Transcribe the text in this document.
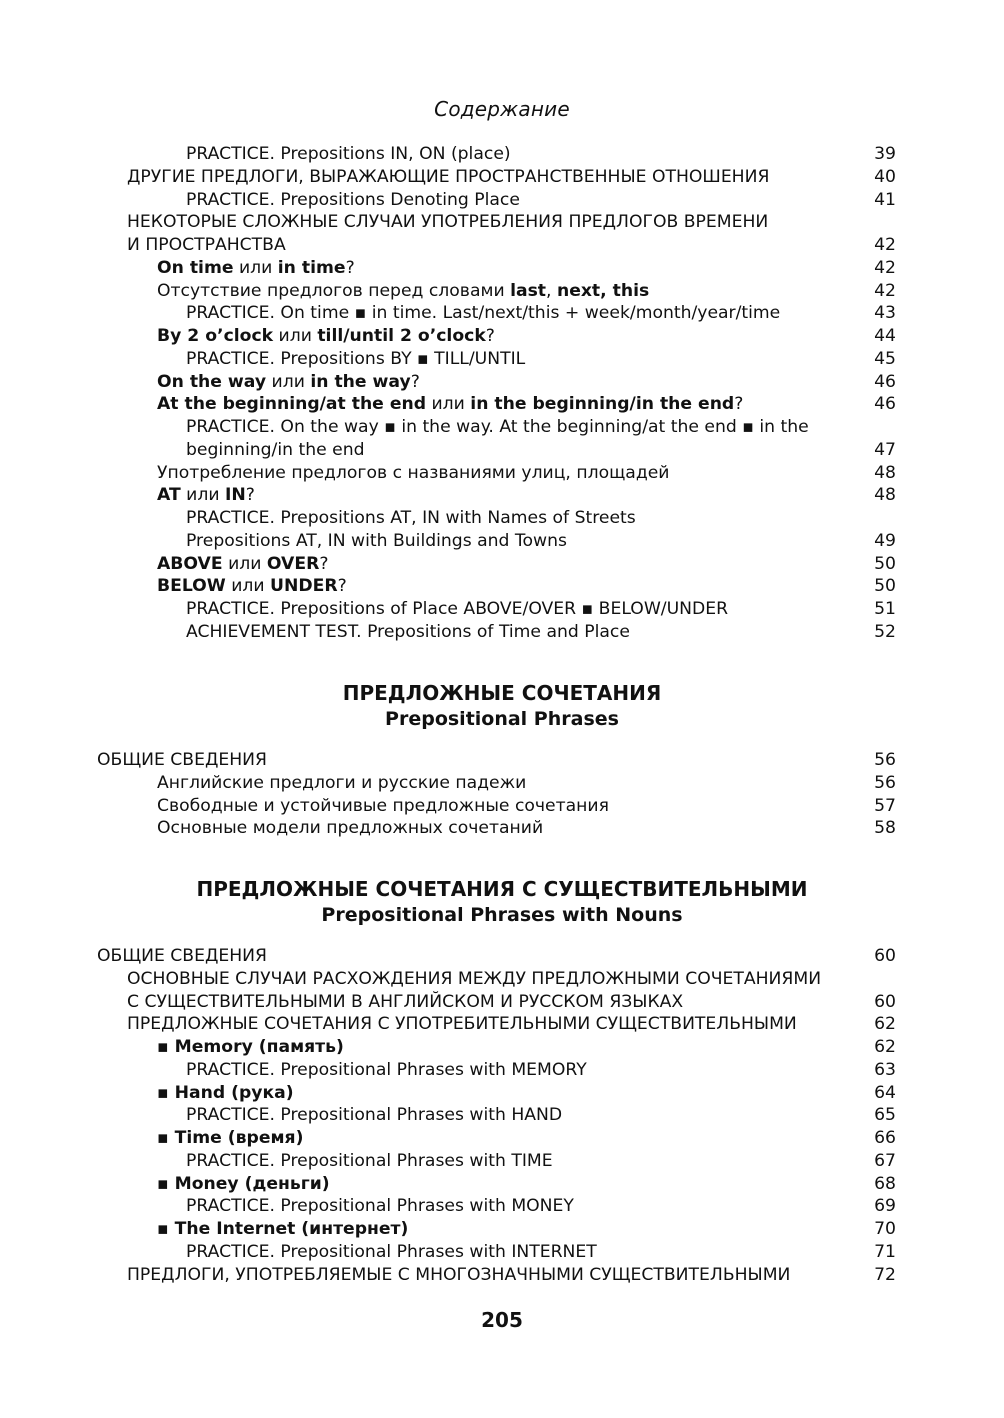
Содержание
PRACTICE. Prepositions IN, ON (place)	39
ДРУГИЕ ПРЕДЛОГИ, ВЫРАЖАЮЩИЕ ПРОСТРАНСТВЕННЫЕ ОТНОШЕНИЯ	40
PRACTICE. Prepositions Denoting Place	41
НЕКОТОРЫЕ СЛОЖНЫЕ СЛУЧАИ УПОТРЕБЛЕНИЯ ПРЕДЛОГОВ ВРЕМЕНИ
И ПРОСТРАНСТВА	42
On time или in time?	42
Отсутствие предлогов перед словами last, next, this	42
PRACTICE. On time ▪ in time. Last/next/this + week/month/year/time	43
By 2 o’clock или till/until 2 o’clock?	44
PRACTICE. Prepositions BY ▪ TILL/UNTIL	45
On the way или in the way?	46
At the beginning/at the end или in the beginning/in the end?	46
PRACTICE. On the way ▪ in the way. At the beginning/at the end ▪ in the
beginning/in the end	47
Употребление предлогов с названиями улиц, площадей	48
AT или IN?	48
PRACTICE. Prepositions AT, IN with Names of Streets
Prepositions AT, IN with Buildings and Towns	49
ABOVE или OVER?	50
BELOW или UNDER?	50
PRACTICE. Prepositions of Place ABOVE/OVER ▪ BELOW/UNDER	51
ACHIEVEMENT TEST. Prepositions of Time and Place	52
ПРЕДЛОЖНЫЕ СОЧЕТАНИЯ
Prepositional Phrases
ОБЩИЕ СВЕДЕНИЯ	56
Английские предлоги и русские падежи	56
Свободные и устойчивые предложные сочетания	57
Основные модели предложных сочетаний	58
ПРЕДЛОЖНЫЕ СОЧЕТАНИЯ С СУЩЕСТВИТЕЛЬНЫМИ
Prepositional Phrases with Nouns
ОБЩИЕ СВЕДЕНИЯ	60
ОСНОВНЫЕ СЛУЧАИ РАСХОЖДЕНИЯ МЕЖДУ ПРЕДЛОЖНЫМИ СОЧЕТАНИЯМИ
С СУЩЕСТВИТЕЛЬНЫМИ В АНГЛИЙСКОМ И РУССКОМ ЯЗЫКАХ	60
ПРЕДЛОЖНЫЕ СОЧЕТАНИЯ С УПОТРЕБИТЕЛЬНЫМИ СУЩЕСТВИТЕЛЬНЫМИ	62
▪ Memory (память)	62
PRACTICE. Prepositional Phrases with MEMORY	63
▪ Hand (рука)	64
PRACTICE. Prepositional Phrases with HAND	65
▪ Time (время)	66
PRACTICE. Prepositional Phrases with TIME	67
▪ Money (деньги)	68
PRACTICE. Prepositional Phrases with MONEY	69
▪ The Internet (интернет)	70
PRACTICE. Prepositional Phrases with INTERNET	71
ПРЕДЛОГИ, УПОТРЕБЛЯЕМЫЕ С МНОГОЗНАЧНЫМИ СУЩЕСТВИТЕЛЬНЫМИ	72
205
